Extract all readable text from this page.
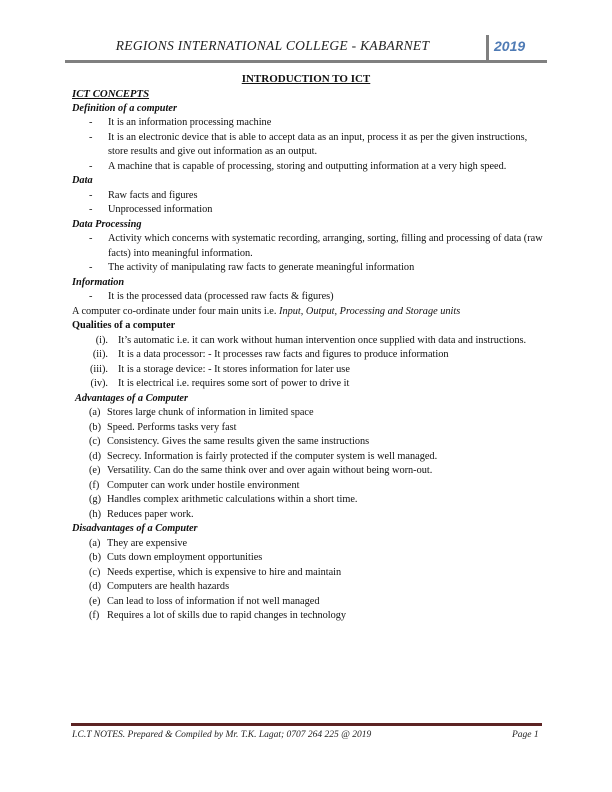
REGIONS INTERNATIONAL COLLEGE - KABARNET	2019
INTRODUCTION TO ICT
ICT CONCEPTS
Definition of a computer
-	It is an information processing machine
-	It is an electronic device that is able to accept data as an input, process it as per the given instructions, store results and give out information as an output.
-	A machine that is capable of processing, storing and outputting information at a very high speed.
Data
-	Raw facts and figures
-	Unprocessed information
Data Processing
-	Activity which concerns with systematic recording, arranging, sorting, filling and processing of data (raw facts) into meaningful information.
-	The activity of manipulating raw facts to generate meaningful information
Information
-	It is the processed data (processed raw facts & figures)
A computer co-ordinate under four main units i.e. Input, Output, Processing and Storage units
Qualities of a computer
(i). It’s automatic i.e. it can work without human intervention once supplied with data and instructions.
(ii). It is a data processor: - It processes raw facts and figures to produce information
(iii). It is a storage device: - It stores information for later use
(iv). It is electrical i.e. requires some sort of power to drive it
Advantages of a Computer
(a) Stores large chunk of information in limited space
(b) Speed. Performs tasks very fast
(c) Consistency. Gives the same results given the same instructions
(d) Secrecy. Information is fairly protected if the computer system is well managed.
(e) Versatility. Can do the same think over and over again without being worn-out.
(f) Computer can work under hostile environment
(g) Handles complex arithmetic calculations within a short time.
(h) Reduces paper work.
Disadvantages of a Computer
(a) They are expensive
(b) Cuts down employment opportunities
(c) Needs expertise, which is expensive to hire and maintain
(d) Computers are health hazards
(e) Can lead to loss of information if not well managed
(f) Requires a lot of skills due to rapid changes in technology
I.C.T NOTES. Prepared & Compiled by Mr. T.K. Lagat; 0707 264 225 @ 2019	Page 1
